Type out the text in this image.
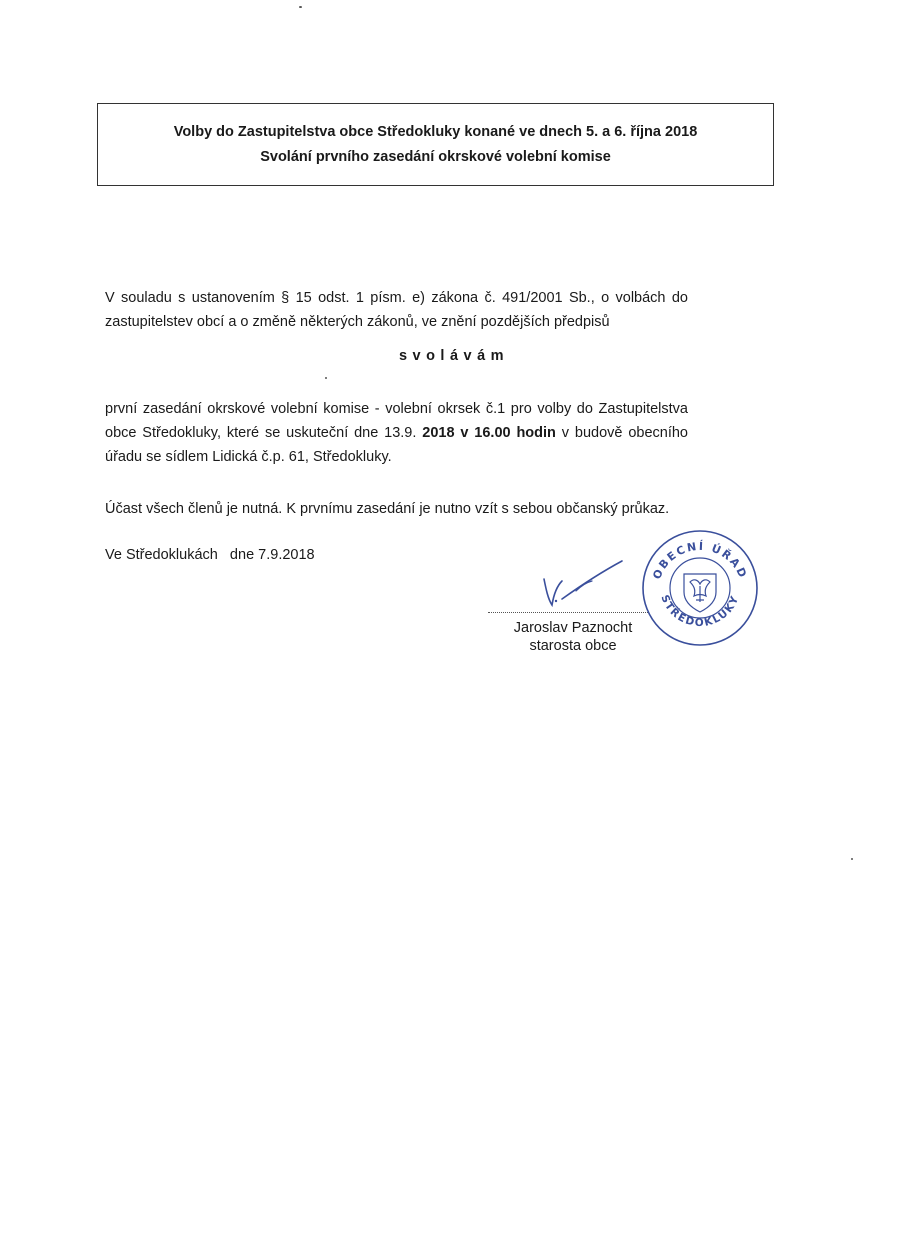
Volby do Zastupitelstva obce Středokluky konané ve dnech 5. a 6. října 2018
Svolání prvního zasedání okrskové volební komise
V souladu s ustanovením § 15 odst. 1 písm. e) zákona č. 491/2001 Sb., o volbách do zastupitelstev obcí a o změně některých zákonů, ve znění pozdějších předpisů
svolávám
první zasedání okrskové volební komise - volební okrsek č.1 pro volby do Zastupitelstva obce Středokluky, které se uskuteční dne 13.9. 2018 v 16.00 hodin v budově obecního úřadu se sídlem Lidická č.p. 61, Středokluky.
Účast všech členů je nutná. K prvnímu zasedání je nutno vzít s sebou občanský průkaz.
Ve Středoklukách   dne 7.9.2018
Jaroslav Paznocht
starosta obce
OBECNÍ ÚŘAD
STŘEDOKLUKY
